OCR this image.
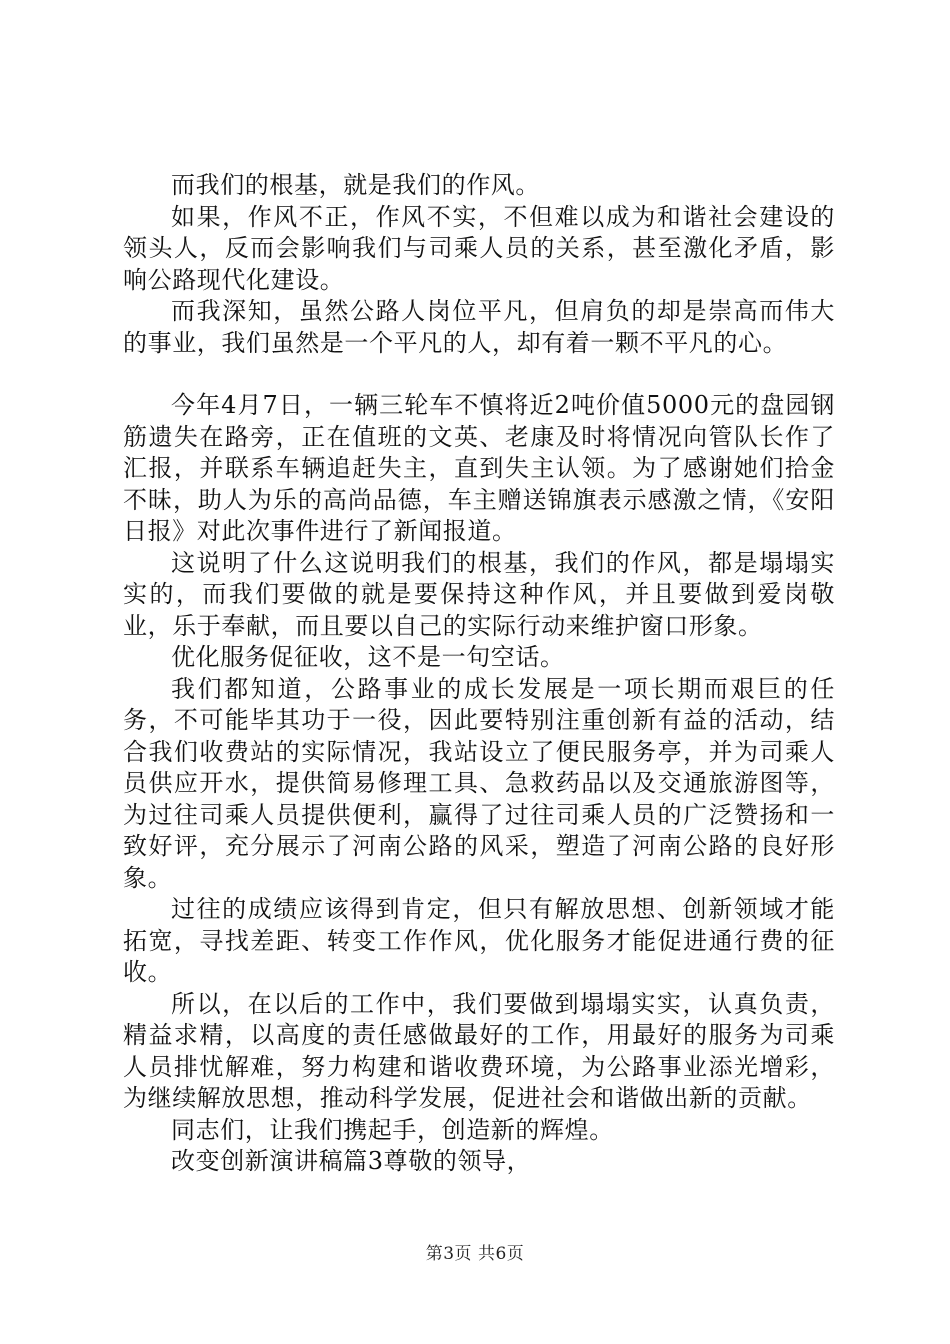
而我们的根基，就是我们的作风。

如果，作风不正，作风不实，不但难以成为和谐社会建设的领头人，反而会影响我们与司乘人员的关系，甚至激化矛盾，影响公路现代化建设。

而我深知，虽然公路人岗位平凡，但肩负的却是崇高而伟大的事业，我们虽然是一个平凡的人，却有着一颗不平凡的心。

今年4月7日，一辆三轮车不慎将近2吨价值5000元的盘园钢筋遗失在路旁，正在值班的文英、老康及时将情况向管队长作了汇报，并联系车辆追赶失主，直到失主认领。为了感谢她们拾金不昧，助人为乐的高尚品德，车主赠送锦旗表示感激之情，《安阳日报》对此次事件进行了新闻报道。

这说明了什么这说明我们的根基，我们的作风，都是塌塌实实的，而我们要做的就是要保持这种作风，并且要做到爱岗敬业，乐于奉献，而且要以自己的实际行动来维护窗口形象。

优化服务促征收，这不是一句空话。

我们都知道，公路事业的成长发展是一项长期而艰巨的任务，不可能毕其功于一役，因此要特别注重创新有益的活动，结合我们收费站的实际情况，我站设立了便民服务亭，并为司乘人员供应开水，提供简易修理工具、急救药品以及交通旅游图等，为过往司乘人员提供便利，赢得了过往司乘人员的广泛赞扬和一致好评，充分展示了河南公路的风采，塑造了河南公路的良好形象。

过往的成绩应该得到肯定，但只有解放思想、创新领域才能拓宽，寻找差距、转变工作作风，优化服务才能促进通行费的征收。

所以，在以后的工作中，我们要做到塌塌实实，认真负责，精益求精，以高度的责任感做最好的工作，用最好的服务为司乘人员排忧解难，努力构建和谐收费环境，为公路事业添光增彩，为继续解放思想，推动科学发展，促进社会和谐做出新的贡献。

同志们，让我们携起手，创造新的辉煌。

改变创新演讲稿篇3尊敬的领导，

第3页 共6页
